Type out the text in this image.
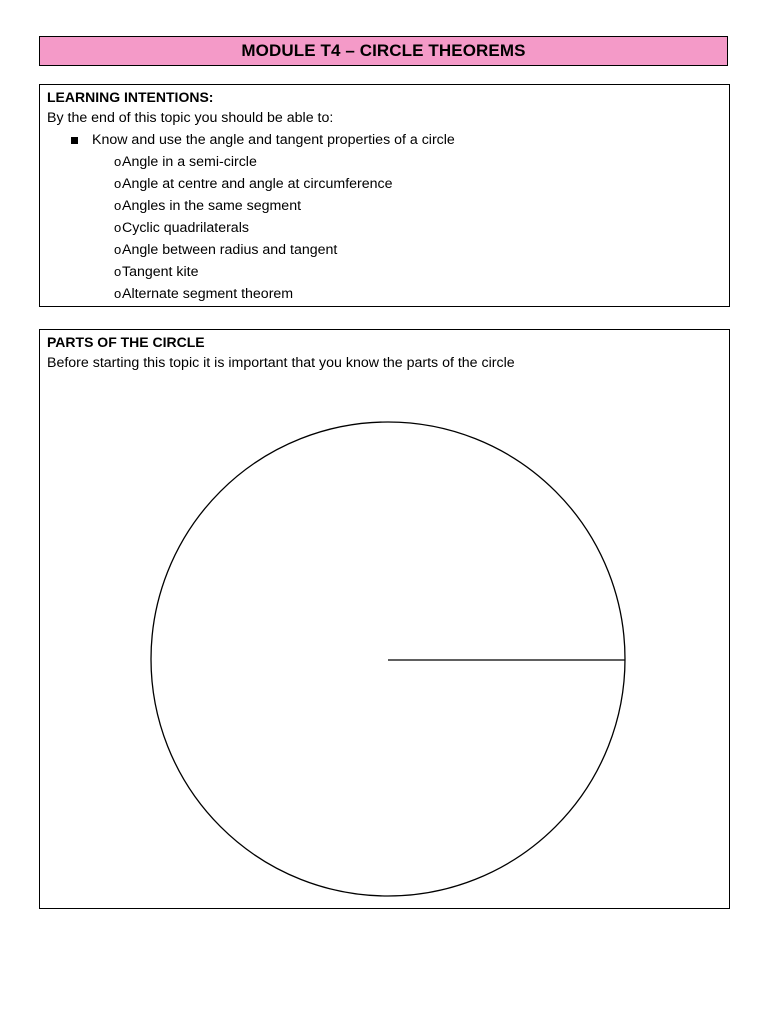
MODULE T4 – CIRCLE THEOREMS
LEARNING INTENTIONS:
By the end of this topic you should be able to:
Know and use the angle and tangent properties of a circle
o Angle in a semi-circle
o Angle at centre and angle at circumference
o Angles in the same segment
o Cyclic quadrilaterals
o Angle between radius and tangent
o Tangent kite
o Alternate segment theorem
PARTS OF THE CIRCLE
Before starting this topic it is important that you know the parts of the circle
